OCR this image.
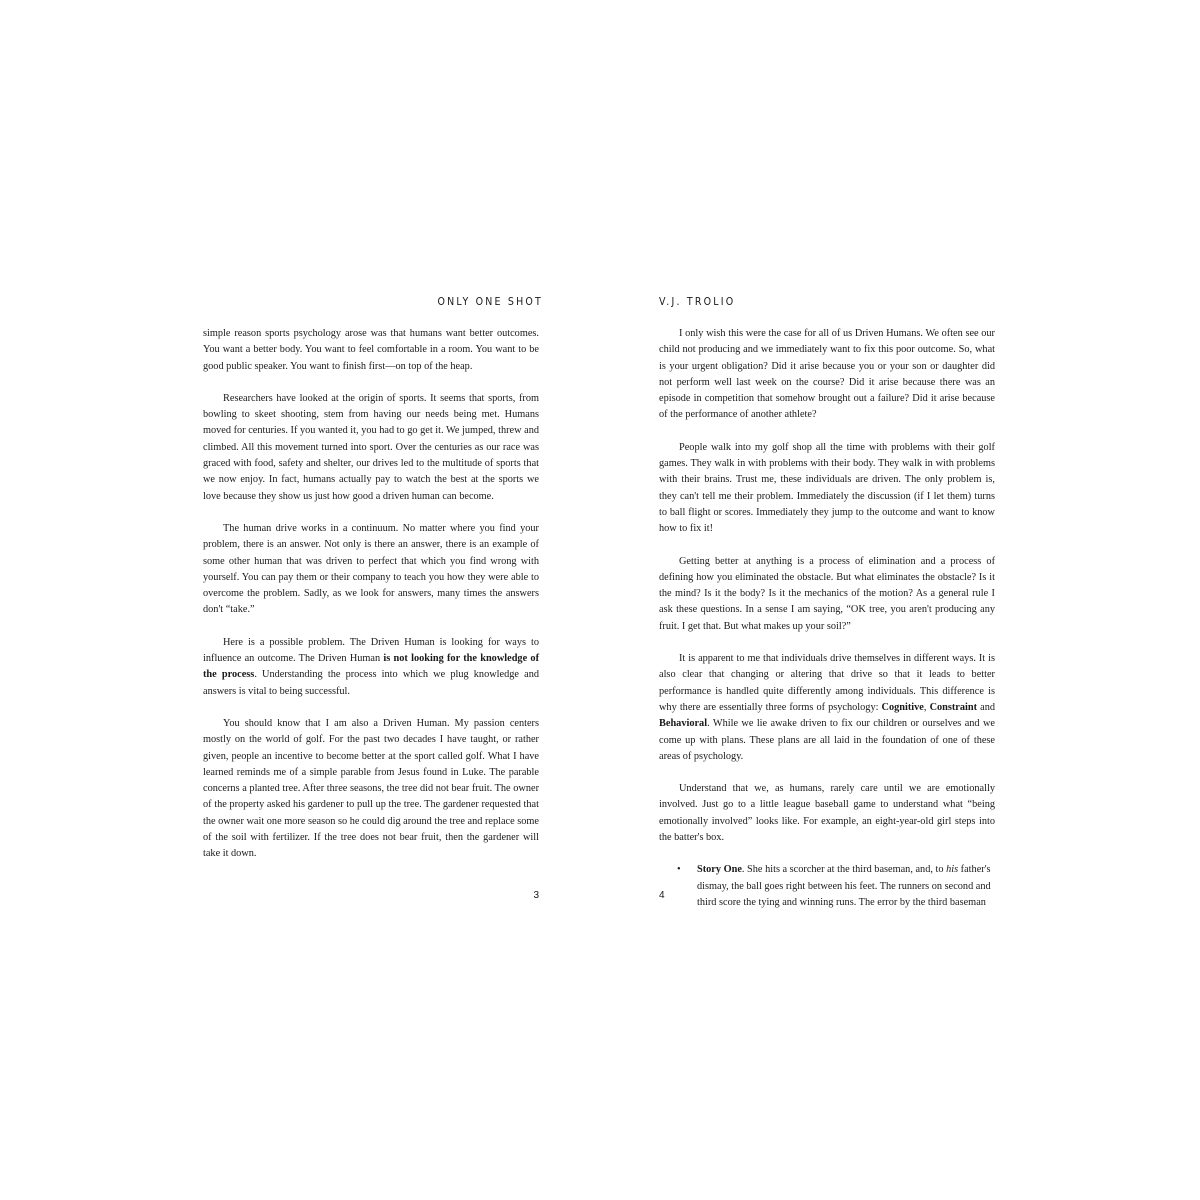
ONLY ONE SHOT

simple reason sports psychology arose was that humans want better outcomes. You want a better body. You want to feel comfortable in a room. You want to be good public speaker. You want to finish first—on top of the heap.

Researchers have looked at the origin of sports. It seems that sports, from bowling to skeet shooting, stem from having our needs being met. Humans moved for centuries. If you wanted it, you had to go get it. We jumped, threw and climbed. All this movement turned into sport. Over the centuries as our race was graced with food, safety and shelter, our drives led to the multitude of sports that we now enjoy. In fact, humans actually pay to watch the best at the sports we love because they show us just how good a driven human can become.

The human drive works in a continuum. No matter where you find your problem, there is an answer. Not only is there an answer, there is an example of some other human that was driven to perfect that which you find wrong with yourself. You can pay them or their company to teach you how they were able to overcome the problem. Sadly, as we look for answers, many times the answers don't “take.”

Here is a possible problem. The Driven Human is looking for ways to influence an outcome. The Driven Human is not looking for the knowledge of the process. Understanding the process into which we plug knowledge and answers is vital to being successful.

You should know that I am also a Driven Human. My passion centers mostly on the world of golf. For the past two decades I have taught, or rather given, people an incentive to become better at the sport called golf. What I have learned reminds me of a simple parable from Jesus found in Luke. The parable concerns a planted tree. After three seasons, the tree did not bear fruit. The owner of the property asked his gardener to pull up the tree. The gardener requested that the owner wait one more season so he could dig around the tree and replace some of the soil with fertilizer. If the tree does not bear fruit, then the gardener will take it down.

3
V.J. TROLIO

I only wish this were the case for all of us Driven Humans. We often see our child not producing and we immediately want to fix this poor outcome. So, what is your urgent obligation? Did it arise because you or your son or daughter did not perform well last week on the course? Did it arise because there was an episode in competition that somehow brought out a failure? Did it arise because of the performance of another athlete?

People walk into my golf shop all the time with problems with their golf games. They walk in with problems with their body. They walk in with problems with their brains. Trust me, these individuals are driven. The only problem is, they can't tell me their problem. Immediately the discussion (if I let them) turns to ball flight or scores. Immediately they jump to the outcome and want to know how to fix it!

Getting better at anything is a process of elimination and a process of defining how you eliminated the obstacle. But what eliminates the obstacle? Is it the mind? Is it the body? Is it the mechanics of the motion? As a general rule I ask these questions. In a sense I am saying, “OK tree, you aren't producing any fruit. I get that. But what makes up your soil?”

It is apparent to me that individuals drive themselves in different ways. It is also clear that changing or altering that drive so that it leads to better performance is handled quite differently among individuals. This difference is why there are essentially three forms of psychology: Cognitive, Constraint and Behavioral. While we lie awake driven to fix our children or ourselves and we come up with plans. These plans are all laid in the foundation of one of these areas of psychology.

Understand that we, as humans, rarely care until we are emotionally involved. Just go to a little league baseball game to understand what “being emotionally involved” looks like. For example, an eight-year-old girl steps into the batter's box.

• Story One. She hits a scorcher at the third baseman, and, to his father's dismay, the ball goes right between his feet. The runners on second and third score the tying and winning runs. The error by the third baseman
4
